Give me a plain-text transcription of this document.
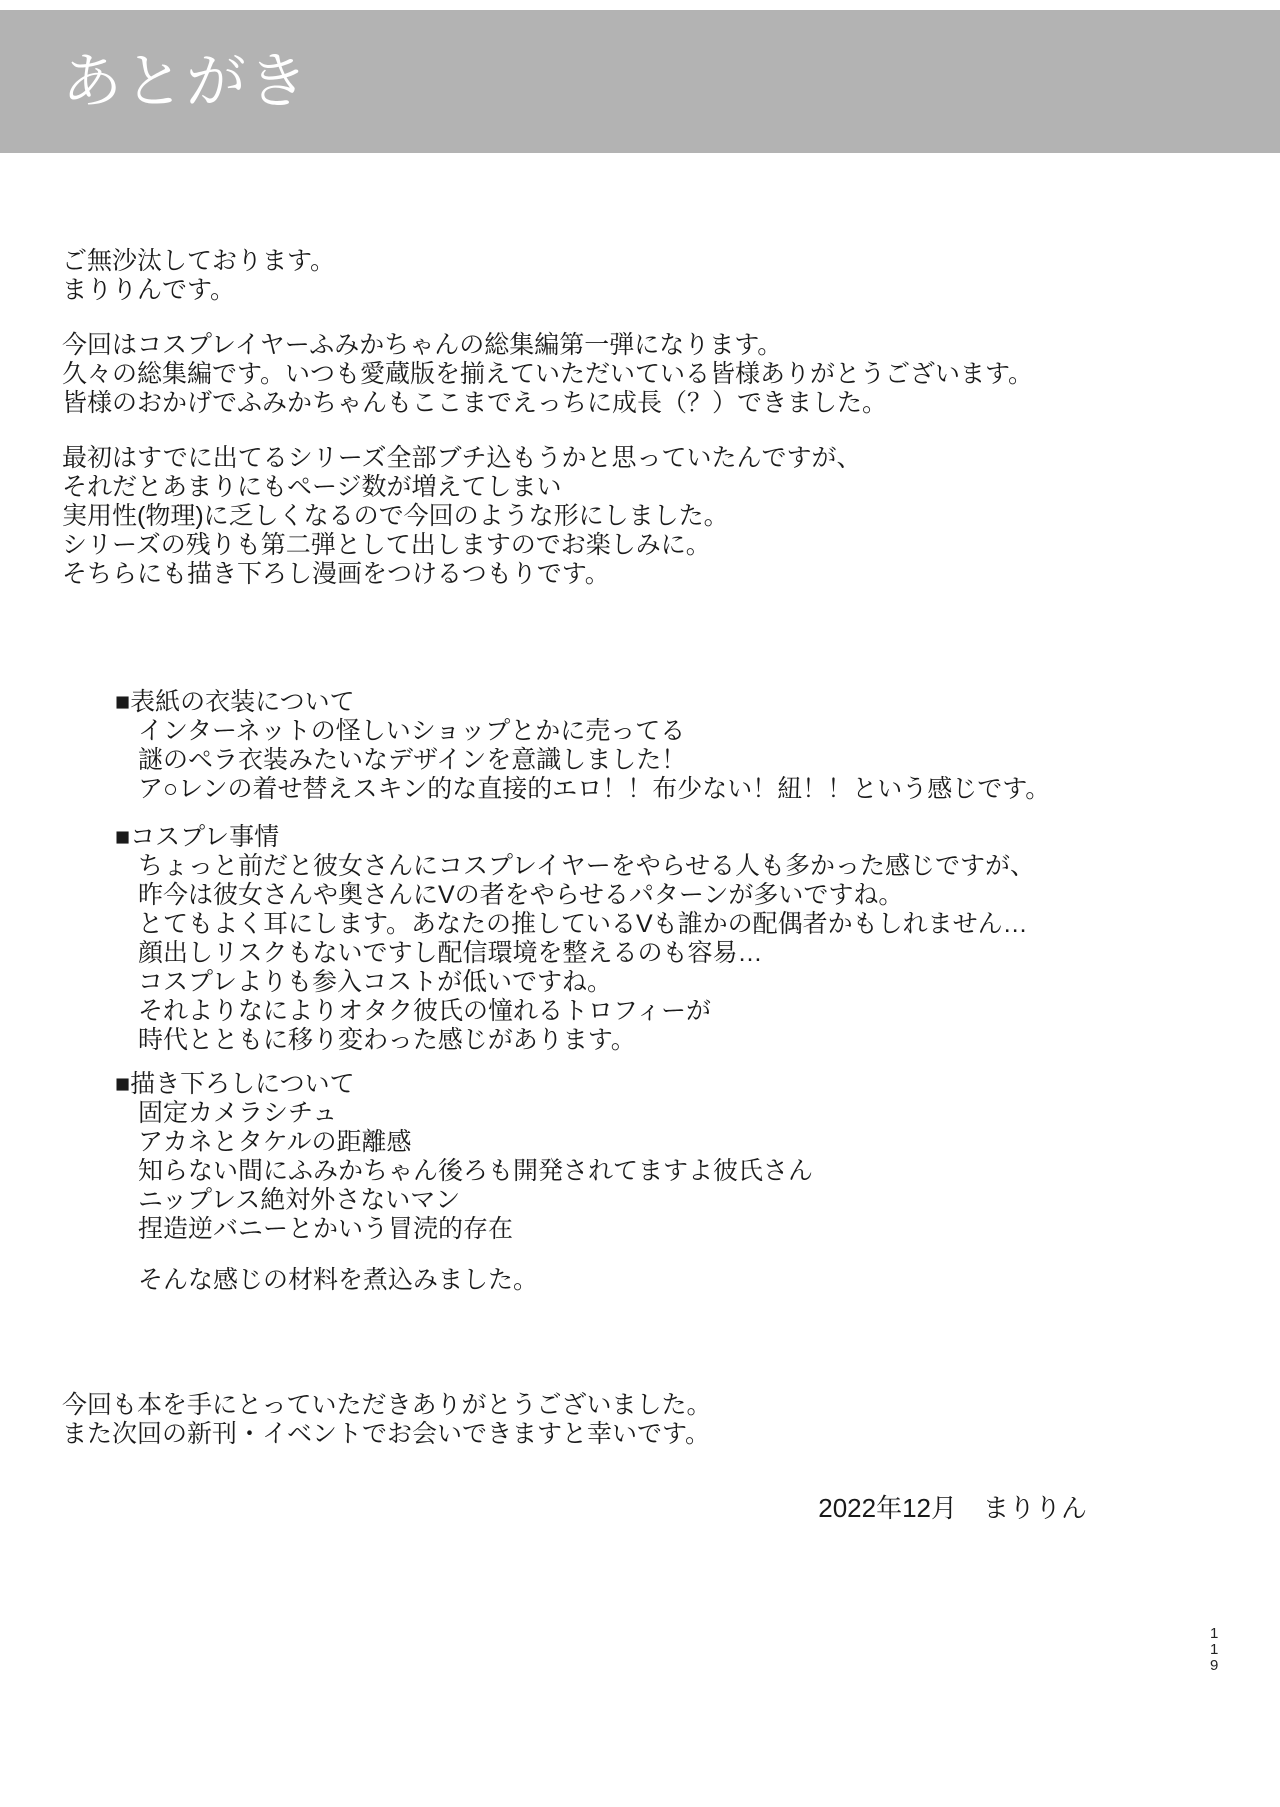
あとがき

ご無沙汰しております。
まりりんです。

今回はコスプレイヤーふみかちゃんの総集編第一弾になります。
久々の総集編です。いつも愛蔵版を揃えていただいている皆様ありがとうございます。
皆様のおかげでふみかちゃんもここまでえっちに成長（？）できました。

最初はすでに出てるシリーズ全部ブチ込もうかと思っていたんですが、
それだとあまりにもページ数が増えてしまい
実用性(物理)に乏しくなるので今回のような形にしました。
シリーズの残りも第二弾として出しますのでお楽しみに。
そちらにも描き下ろし漫画をつけるつもりです。

■表紙の衣装について
インターネットの怪しいショップとかに売ってる
謎のペラ衣装みたいなデザインを意識しました！
ア○レンの着せ替えスキン的な直接的エロ！！布少ない！紐！！という感じです。
■コスプレ事情
ちょっと前だと彼女さんにコスプレイヤーをやらせる人も多かった感じですが、
昨今は彼女さんや奥さんにVの者をやらせるパターンが多いですね。
とてもよく耳にします。あなたの推しているVも誰かの配偶者かもしれません…
顔出しリスクもないですし配信環境を整えるのも容易…
コスプレよりも参入コストが低いですね。
それよりなによりオタク彼氏の憧れるトロフィーが
時代とともに移り変わった感じがあります。
■描き下ろしについて
固定カメラシチュ
アカネとタケルの距離感
知らない間にふみかちゃん後ろも開発されてますよ彼氏さん
ニップレス絶対外さないマン
捏造逆バニーとかいう冒涜的存在
そんな感じの材料を煮込みました。
今回も本を手にとっていただきありがとうございました。
また次回の新刊・イベントでお会いできますと幸いです。
2022年12月　まりりん
1
1
9
